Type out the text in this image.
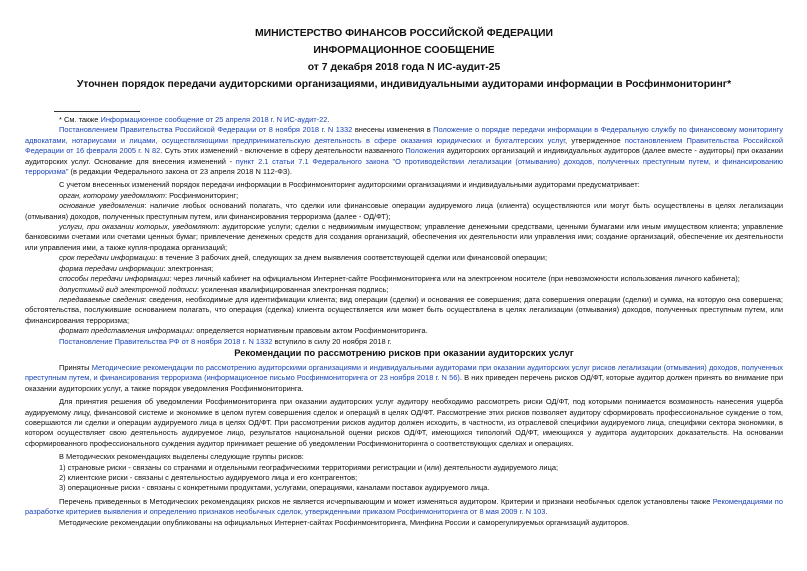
МИНИСТЕРСТВО ФИНАНСОВ РОССИЙСКОЙ ФЕДЕРАЦИИ

ИНФОРМАЦИОННОЕ СООБЩЕНИЕ

от 7 декабря 2018 года N ИС-аудит-25

Уточнен порядок передачи аудиторскими организациями, индивидуальными аудиторами информации в Росфинмониторинг*

* См. также Информационное сообщение от 25 апреля 2018 г. N ИС-аудит-22.

Постановлением Правительства Российской Федерации от 8 ноября 2018 г. N 1332 внесены изменения в Положение о порядке передачи информации в Федеральную службу по финансовому мониторингу адвокатами, нотариусами и лицами, осуществляющими предпринимательскую деятельность в сфере оказания юридических и бухгалтерских услуг, утвержденное постановлением Правительства Российской Федерации от 16 февраля 2005 г. N 82. Суть этих изменений - включение в сферу деятельности названного Положения аудиторских организаций и индивидуальных аудиторов (далее вместе - аудиторы) при оказании аудиторских услуг. Основание для внесения изменений - пункт 2.1 статьи 7.1 Федерального закона "О противодействии легализации (отмыванию) доходов, полученных преступным путем, и финансированию терроризма" (в редакции Федерального закона от 23 апреля 2018 N 112-ФЗ).

С учетом внесенных изменений порядок передачи информации в Росфинмониторинг аудиторскими организациями и индивидуальными аудиторами предусматривает:

орган, которому уведомляют: Росфинмониторинг;

основание уведомления: наличие любых оснований полагать, что сделки или финансовые операции аудируемого лица (клиента) осуществляются или могут быть осуществлены в целях легализации (отмывания) доходов, полученных преступным путем, или финансирования терроризма (далее - ОД/ФТ);

услуги, при оказании которых, уведомляют: аудиторские услуги; сделки с недвижимым имуществом; управление денежными средствами, ценными бумагами или иным имуществом клиента; управление банковскими счетами или счетами ценных бумаг; привлечение денежных средств для создания организаций, обеспечения их деятельности или управления ими; создание организаций, обеспечение их деятельности или управления ими, а также купля-продажа организаций;

срок передачи информации: в течение 3 рабочих дней, следующих за днем выявления соответствующей сделки или финансовой операции;

форма передачи информации: электронная;

способы передачи информации: через личный кабинет на официальном Интернет-сайте Росфинмониторинга или на электронном носителе (при невозможности использования личного кабинета);

допустимый вид электронной подписи: усиленная квалифицированная электронная подпись;

передаваемые сведения: сведения, необходимые для идентификации клиента; вид операции (сделки) и основания ее совершения; дата совершения операции (сделки) и сумма, на которую она совершена; обстоятельства, послужившие основанием полагать, что операция (сделка) клиента осуществляется или может быть осуществлена в целях легализации (отмывания) доходов, полученных преступным путем, или финансирования терроризма;

формат представления информации: определяется нормативным правовым актом Росфинмониторинга.

Постановление Правительства РФ от 8 ноября 2018 г. N 1332 вступило в силу 20 ноября 2018 г.

Рекомендации по рассмотрению рисков при оказании аудиторских услуг

Приняты Методические рекомендации по рассмотрению аудиторскими организациями и индивидуальными аудиторами при оказании аудиторских услуг рисков легализации (отмывания) доходов, полученных преступным путем, и финансирования терроризма (информационное письмо Росфинмониторинга от 23 ноября 2018 г. N 56). В них приведен перечень рисков ОД/ФТ, которые аудитор должен принять во внимание при оказании аудиторских услуг, а также порядок уведомления Росфинмониторинга.

Для принятия решения об уведомлении Росфинмониторинга при оказании аудиторских услуг аудитору необходимо рассмотреть риски ОД/ФТ, под которыми понимается возможность нанесения ущерба аудируемому лицу, финансовой системе и экономике в целом путем совершения сделок и операций в целях ОД/ФТ. Рассмотрение этих рисков позволяет аудитору сформировать профессиональное суждение о том, совершаются ли сделки и операции аудируемого лица в целях ОД/ФТ. При рассмотрении рисков аудитор должен исходить, в частности, из отраслевой специфики аудируемого лица, специфики сектора экономики, в котором осуществляет свою деятельность аудируемое лицо, результатов национальной оценки рисков ОД/ФТ, имеющихся типологий ОД/ФТ, имеющихся у аудитора аудиторских доказательств. На основании сформированного профессионального суждения аудитор принимает решение об уведомлении Росфинмониторинга о соответствующих сделках и операциях.

В Методических рекомендациях выделены следующие группы рисков:

1) страновые риски - связаны со странами и отдельными географическими территориями регистрации и (или) деятельности аудируемого лица;

2) клиентские риски - связаны с деятельностью аудируемого лица и его контрагентов;

3) операционные риски - связаны с конкретными продуктами, услугами, операциями, каналами поставок аудируемого лица.

Перечень приведенных в Методических рекомендациях рисков не является исчерпывающим и может изменяться аудитором. Критерии и признаки необычных сделок установлены также Рекомендациями по разработке критериев выявления и определению признаков необычных сделок, утвержденными приказом Росфинмониторинга от 8 мая 2009 г. N 103.

Методические рекомендации опубликованы на официальных Интернет-сайтах Росфинмониторинга, Минфина России и саморегулируемых организаций аудиторов.
